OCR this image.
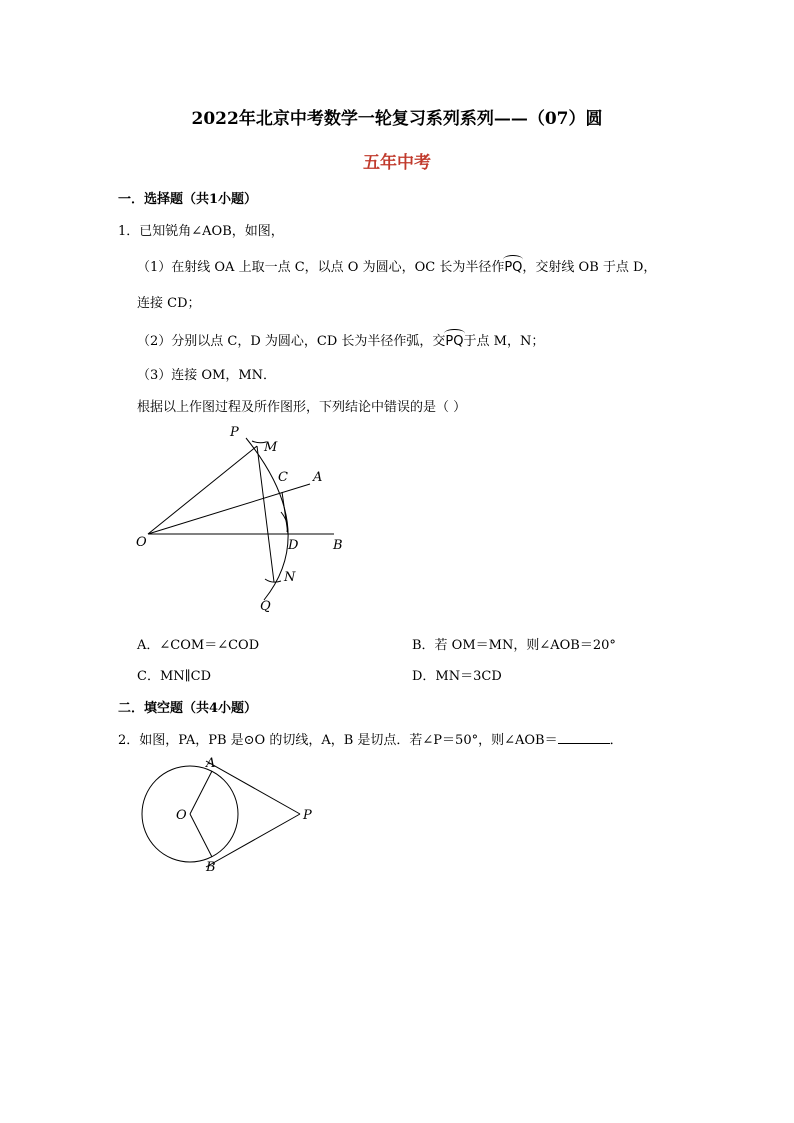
2022年北京中考数学一轮复习系列系列——（07）圆
五年中考
一．选择题（共1小题）
1．已知锐角∠AOB，如图，
（1）在射线 OA 上取一点 C，以点 O 为圆心，OC 长为半径作PQ，交射线 OB 于点 D，
连接 CD；
（2）分别以点 C，D 为圆心，CD 长为半径作弧，交PQ于点 M，N；
（3）连接 OM，MN．
根据以上作图过程及所作图形，下列结论中错误的是（ ）
P
M
C A
O	D	B
N
Q
A．∠COM＝∠COD	B．若 OM＝MN，则∠AOB＝20°
C．MN∥CD	D．MN＝3CD
二．填空题（共4小题）
2．如图，PA，PB 是⊙O 的切线，A，B 是切点．若∠P＝50°，则∠AOB＝	．
A
O	P
B
